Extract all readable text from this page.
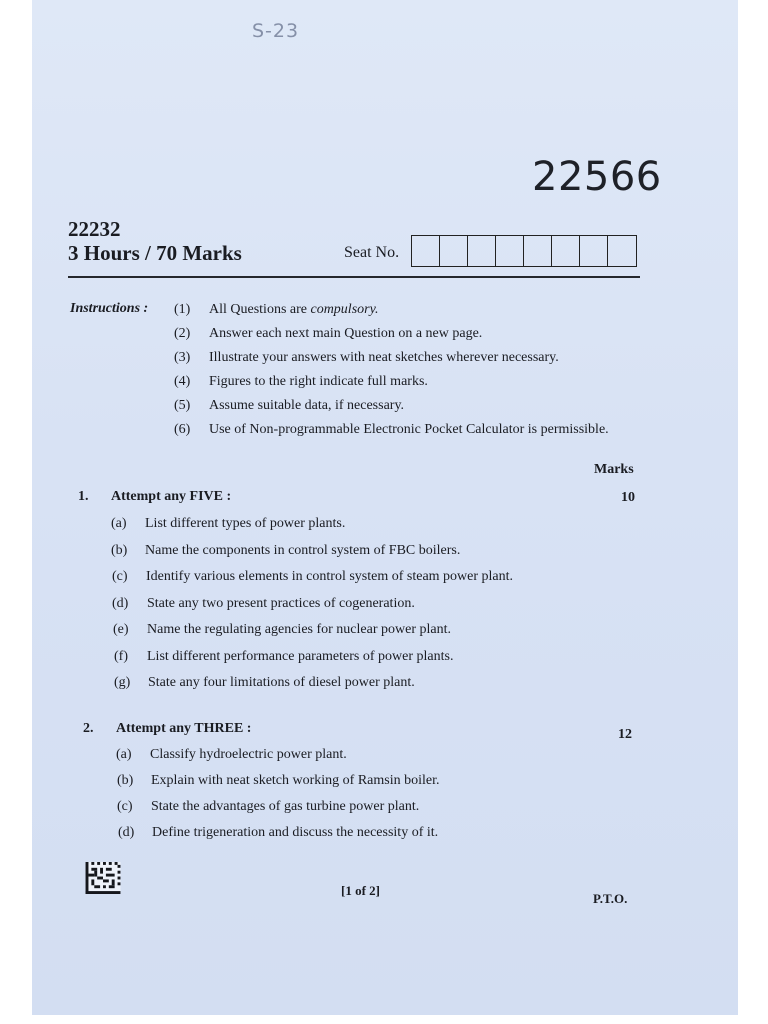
S-23
22566
22232
3 Hours / 70 Marks	Seat No.
Instructions : (1) All Questions are compulsory.
(2) Answer each next main Question on a new page.
(3) Illustrate your answers with neat sketches wherever necessary.
(4) Figures to the right indicate full marks.
(5) Assume suitable data, if necessary.
(6) Use of Non-programmable Electronic Pocket Calculator is permissible.
Marks
1. Attempt any FIVE :	10
(a) List different types of power plants.
(b) Name the components in control system of FBC boilers.
(c) Identify various elements in control system of steam power plant.
(d) State any two present practices of cogeneration.
(e) Name the regulating agencies for nuclear power plant.
(f) List different performance parameters of power plants.
(g) State any four limitations of diesel power plant.
2. Attempt any THREE :	12
(a) Classify hydroelectric power plant.
(b) Explain with neat sketch working of Ramsin boiler.
(c) State the advantages of gas turbine power plant.
(d) Define trigeneration and discuss the necessity of it.
[1 of 2]
P.T.O.
